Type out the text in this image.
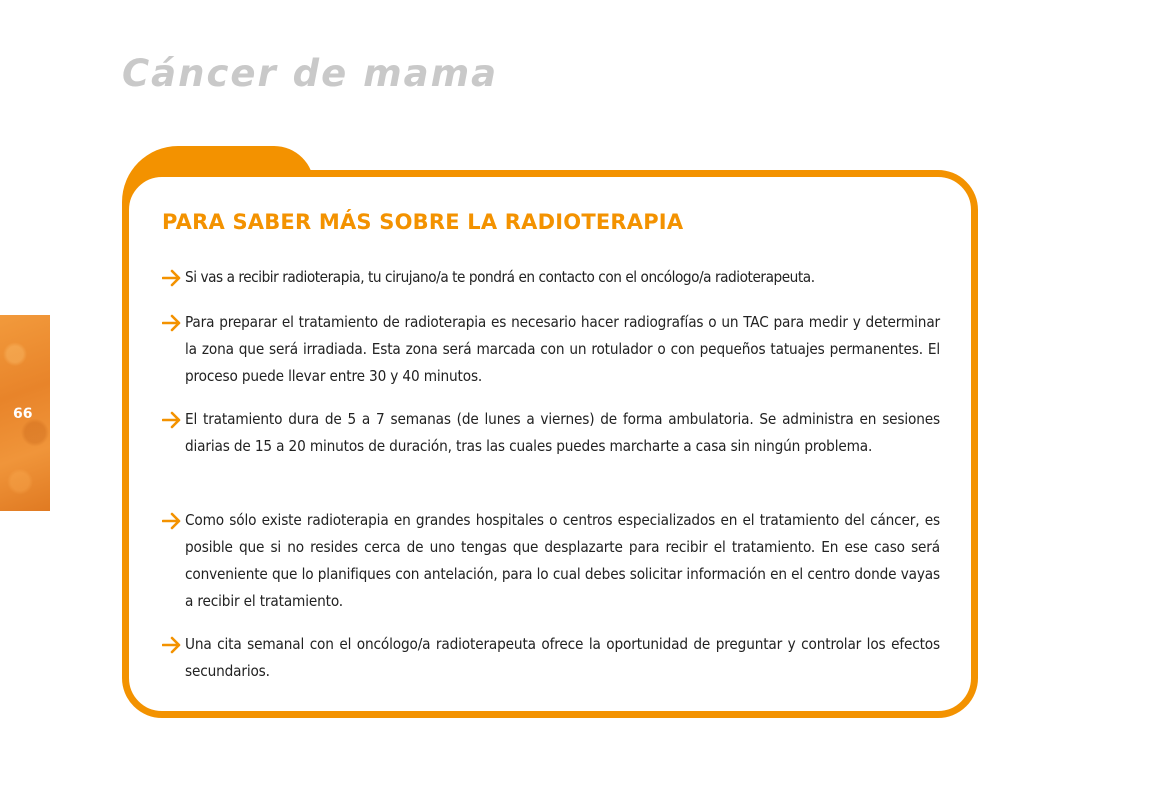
Cáncer de mama
66
PARA SABER MÁS SOBRE LA RADIOTERAPIA
Si vas a recibir radioterapia, tu cirujano/a te pondrá en contacto con el oncólogo/a radioterapeuta.
Para preparar el tratamiento de radioterapia es necesario hacer radiografías o un TAC para medir y determinar la zona que será irradiada. Esta zona será marcada con un rotulador o con pequeños tatuajes permanentes. El proceso puede llevar entre 30 y 40 minutos.
El tratamiento dura de 5 a 7 semanas (de lunes a viernes) de forma ambulatoria. Se administra en sesiones diarias de 15 a 20 minutos de duración, tras las cuales puedes marcharte a casa sin ningún problema.
Como sólo existe radioterapia en grandes hospitales o centros especializados en el tratamiento del cáncer, es posible que si no resides cerca de uno tengas que desplazarte para recibir el tratamiento. En ese caso será conveniente que lo planifiques con antelación, para lo cual debes solicitar información en el centro donde vayas a recibir el tratamiento.
Una cita semanal con el oncólogo/a radioterapeuta ofrece la oportunidad de preguntar y controlar los efectos secundarios.
